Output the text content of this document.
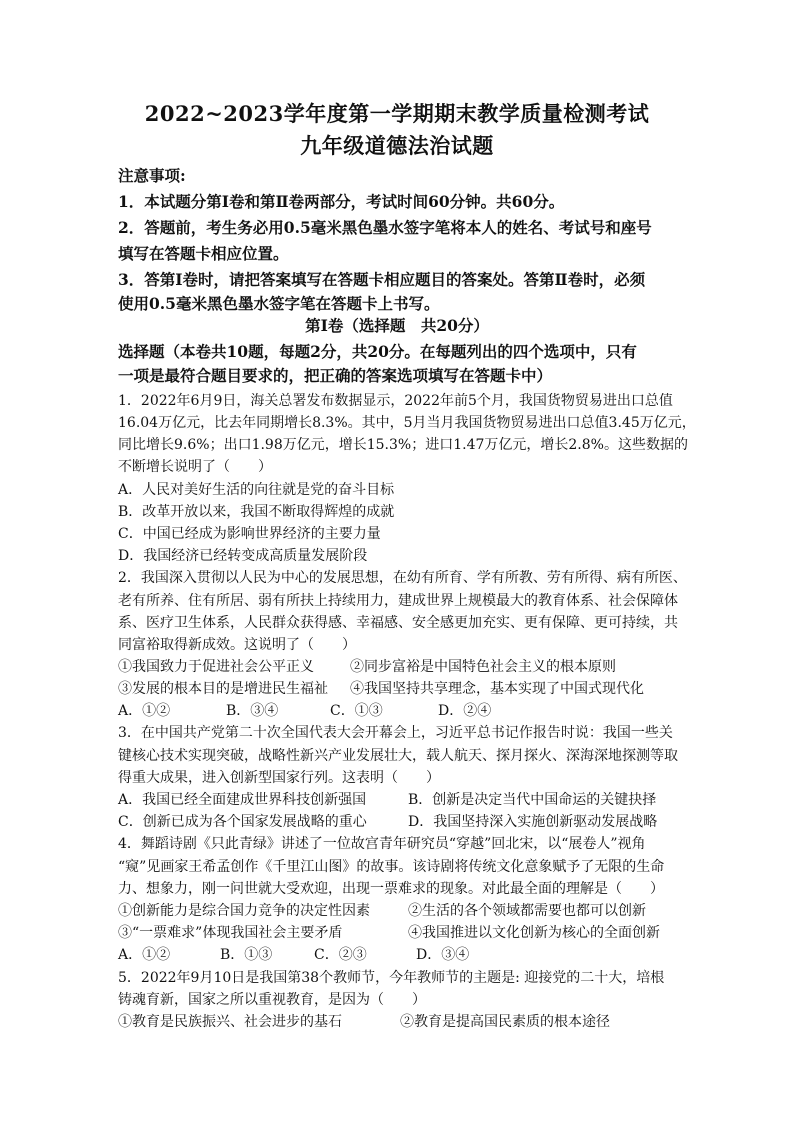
2022~2023学年度第一学期期末教学质量检测考试
九年级道德法治试题
注意事项:
1．本试题分第Ⅰ卷和第Ⅱ卷两部分，考试时间60分钟。共60分。
2．答题前，考生务必用0.5毫米黑色墨水签字笔将本人的姓名、考试号和座号
填写在答题卡相应位置。
3．答第Ⅰ卷时，请把答案填写在答题卡相应题目的答案处。答第Ⅱ卷时，必须
使用0.5毫米黑色墨水签字笔在答题卡上书写。
第Ⅰ卷（选择题　共20分）
选择题（本卷共10题，每题2分，共20分。在每题列出的四个选项中，只有
一项是最符合题目要求的，把正确的答案选项填写在答题卡中）
1．2022年6月9日，海关总署发布数据显示，2022年前5个月，我国货物贸易进出口总值
16.04万亿元，比去年同期增长8.3%。其中，5月当月我国货物贸易进出口总值3.45万亿元，
同比增长9.6%；出口1.98万亿元，增长15.3%；进口1.47万亿元，增长2.8%。这些数据的
不断增长说明了（　　）
A．人民对美好生活的向往就是党的奋斗目标
B．改革开放以来，我国不断取得辉煌的成就
C．中国已经成为影响世界经济的主要力量
D．我国经济已经转变成高质量发展阶段
2．我国深入贯彻以人民为中心的发展思想，在幼有所育、学有所教、劳有所得、病有所医、
老有所养、住有所居、弱有所扶上持续用力，建成世界上规模最大的教育体系、社会保障体
系、医疗卫生体系，人民群众获得感、幸福感、安全感更加充实、更有保障、更可持续，共
同富裕取得新成效。这说明了（　　）
①我国致力于促进社会公平正义	②同步富裕是中国特色社会主义的根本原则
③发展的根本目的是增进民生福祉 ④我国坚持共享理念，基本实现了中国式现代化
A．①②	B．③④	C．①③	D．②④
3．在中国共产党第二十次全国代表大会开幕会上，习近平总书记作报告时说：我国一些关
键核心技术实现突破，战略性新兴产业发展壮大，载人航天、探月探火、深海深地探测等取
得重大成果，进入创新型国家行列。这表明（　　）
A．我国已经全面建成世界科技创新强国	B．创新是决定当代中国命运的关键抉择
C．创新已成为各个国家发展战略的重心	D．我国坚持深入实施创新驱动发展战略
4．舞蹈诗剧《只此青绿》讲述了一位故宫青年研究员“穿越”回北宋，以“展卷人”视角
“窥”见画家王希孟创作《千里江山图》的故事。该诗剧将传统文化意象赋予了无限的生命
力、想象力，刚一问世就大受欢迎，出现一票难求的现象。对此最全面的理解是（　　）
①创新能力是综合国力竞争的决定性因素	②生活的各个领域都需要也都可以创新
③“一票难求”体现我国社会主要矛盾	④我国推进以文化创新为核心的全面创新
A．①②	B．①③	C．②③	D．③④
5．2022年9月10日是我国第38个教师节，今年教师节的主题是: 迎接党的二十大，培根
铸魂育新，国家之所以重视教育，是因为（　　）
①教育是民族振兴、社会进步的基石	②教育是提高国民素质的根本途径
